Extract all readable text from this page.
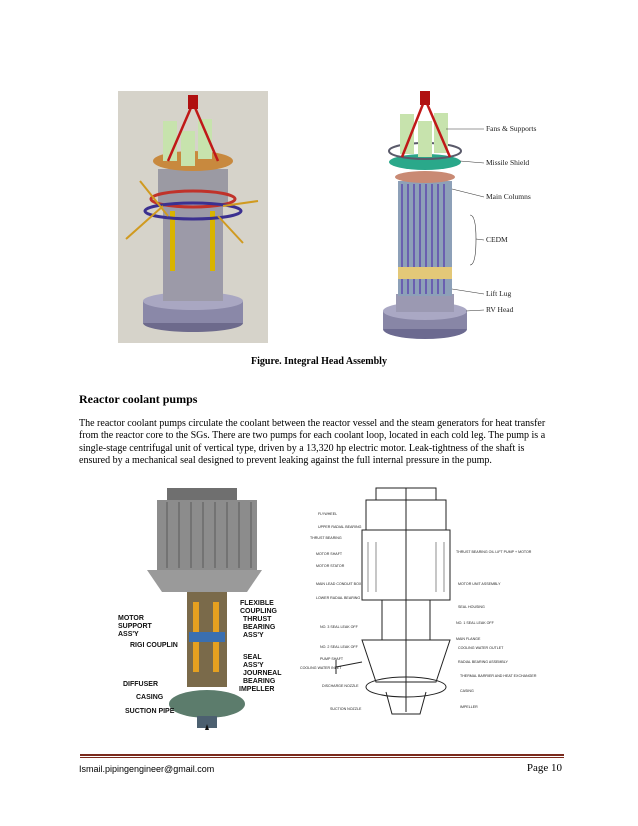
Fans & Supports
Missile Shield
Main Columns
CEDM
Lift Lug
RV Head
Figure. Integral Head Assembly
Reactor coolant pumps
The reactor coolant pumps circulate the coolant between the reactor vessel and the steam generators for heat transfer
from the reactor core to the SGs. There are two pumps for each coolant loop, located in each cold leg. The pump is a
single-stage centrifugal unit of vertical type, driven by a 13,320 hp electric motor. Leak-tightness of the shaft is
ensured by a mechanical seal designed to prevent leaking against the full internal pressure in the pump.
MOTOR
SUPPORT
ASS'Y
RIGI COUPLIN
FLEXIBLE
COUPLING
THRUST
BEARING
ASS'Y
SEAL
ASS'Y
JOURNEAL
BEARING
IMPELLER
DIFFUSER
CASING
SUCTION PIPE
FLYWHEEL
UPPER RADIAL BEARING
THRUST BEARING
MOTOR SHAFT
MOTOR STATOR
MAIN LEAD CONDUIT BOX
LOWER RADIAL BEARING
NO. 3 SEAL LEAK OFF
NO. 2 SEAL LEAK OFF
PUMP SHAFT
COOLING WATER INLET
DISCHARGE NOZZLE
SUCTION NOZZLE
THRUST BEARING OIL LIFT PUMP + MOTOR
MOTOR UNIT ASSEMBLY
SEAL HOUSING
NO. 1 SEAL LEAK OFF
MAIN FLANGE
COOLING WATER OUTLET
RADIAL BEARING ASSEMBLY
THERMAL BARRIER AND HEAT EXCHANGER
CASING
IMPELLER
Ismail.pipingengineer@gmail.com	Page 10
